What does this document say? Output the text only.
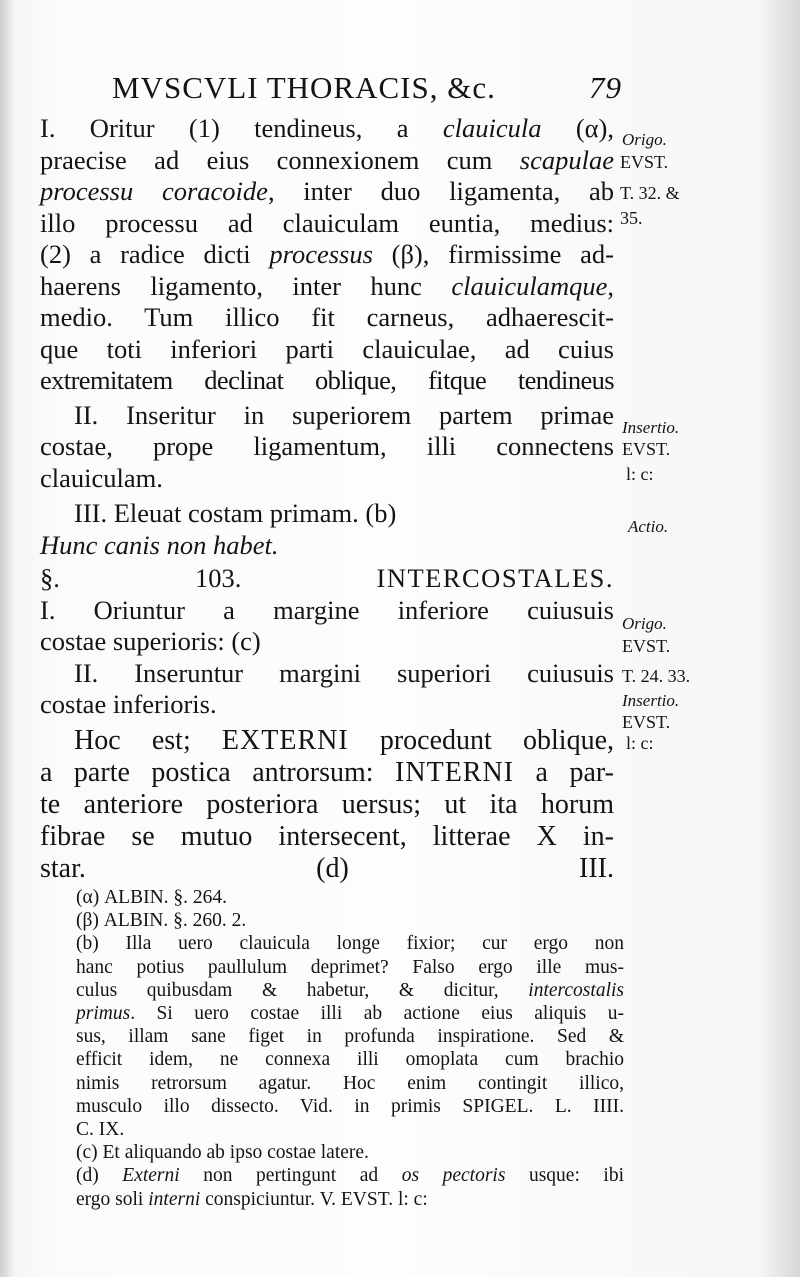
MVSCVLI THORACIS, &c.	79

I. Oritur (1) tendineus, a clauicula (α),

praecise ad eius connexionem cum scapulae

processu coracoide, inter duo ligamenta, ab

illo processu ad clauiculam euntia, medius:

(2) a radice dicti processus (β), firmissime ad-

haerens ligamento, inter hunc clauiculamque,

medio. Tum illico fit carneus, adhaerescit-

que toti inferiori parti clauiculae, ad cuius

extremitatem declinat oblique, fitque tendineus

II. Inseritur in superiorem partem primae

costae, prope ligamentum, illi connectens

clauiculam.

III. Eleuat costam primam. (b)

Hunc canis non habet.

§. 103.	INTERCOSTALES.

I. Oriuntur a margine inferiore cuiusuis

costae superioris: (c)

II. Inseruntur margini superiori cuiusuis

costae inferioris.

Hoc est; EXTERNI procedunt oblique,

a parte postica antrorsum: INTERNI a par-

te anteriore posteriora uersus; ut ita horum

fibrae se mutuo intersecent, litterae X in-

star. (d)	III.

Origo.
EVST.
T. 32. &
35.
Insertio.
EVST.
l: c:
Actio.
Origo.
EVST.
T. 24. 33.
Insertio.
EVST.
l: c:

(α) ALBIN. §. 264.

(β) ALBIN. §. 260. 2.

(b) Illa uero clauicula longe fixior; cur ergo non

hanc potius paullulum deprimet? Falso ergo ille mus-

culus quibusdam & habetur, & dicitur, intercostalis

primus. Si uero costae illi ab actione eius aliquis u-

sus, illam sane figet in profunda inspiratione. Sed &

efficit idem, ne connexa illi omoplata cum brachio

nimis retrorsum agatur. Hoc enim contingit illico,

musculo illo dissecto. Vid. in primis SPIGEL. L. IIII.

C. IX.

(c) Et aliquando ab ipso costae latere.

(d) Externi non pertingunt ad os pectoris usque: ibi

ergo soli interni conspiciuntur. V. EVST. l: c:
